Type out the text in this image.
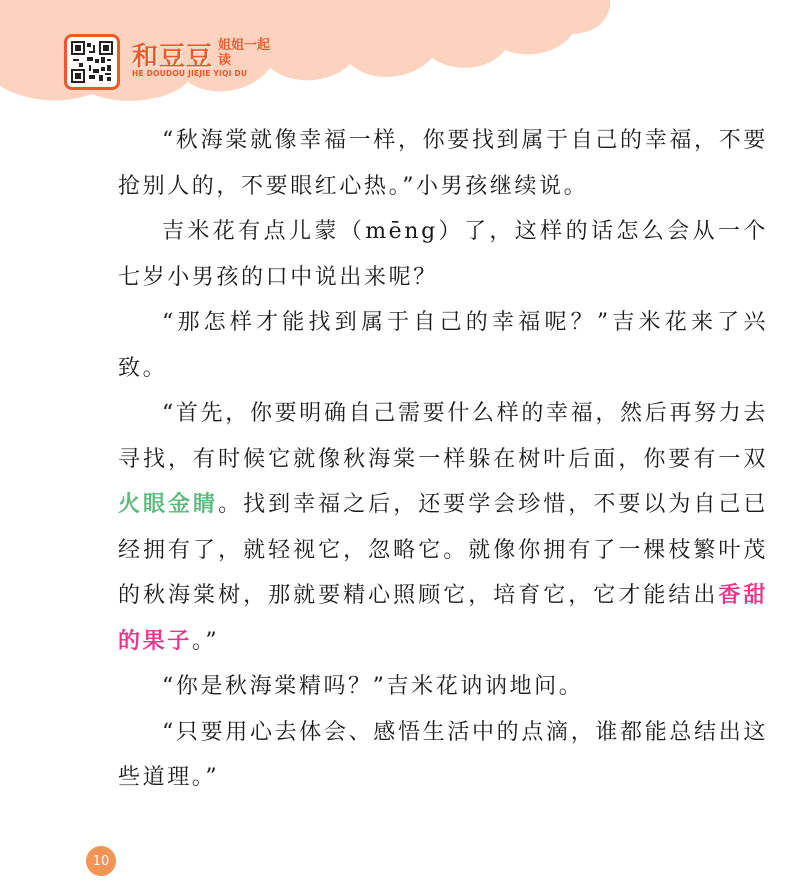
和豆豆 姐姐一起读
HE DOUDOU JIEJIE YIQI DU

“秋海棠就像幸福一样，你要找到属于自己的幸福，不要抢别人的，不要眼红心热。”小男孩继续说。

吉米花有点儿蒙（mēng）了，这样的话怎么会从一个七岁小男孩的口中说出来呢？

“那怎样才能找到属于自己的幸福呢？”吉米花来了兴致。

“首先，你要明确自己需要什么样的幸福，然后再努力去寻找，有时候它就像秋海棠一样躲在树叶后面，你要有一双火眼金睛。找到幸福之后，还要学会珍惜，不要以为自己已经拥有了，就轻视它，忽略它。就像你拥有了一棵枝繁叶茂的秋海棠树，那就要精心照顾它，培育它，它才能结出香甜的果子。”

“你是秋海棠精吗？”吉米花讷讷地问。

“只要用心去体会、感悟生活中的点滴，谁都能总结出这些道理。”

10
